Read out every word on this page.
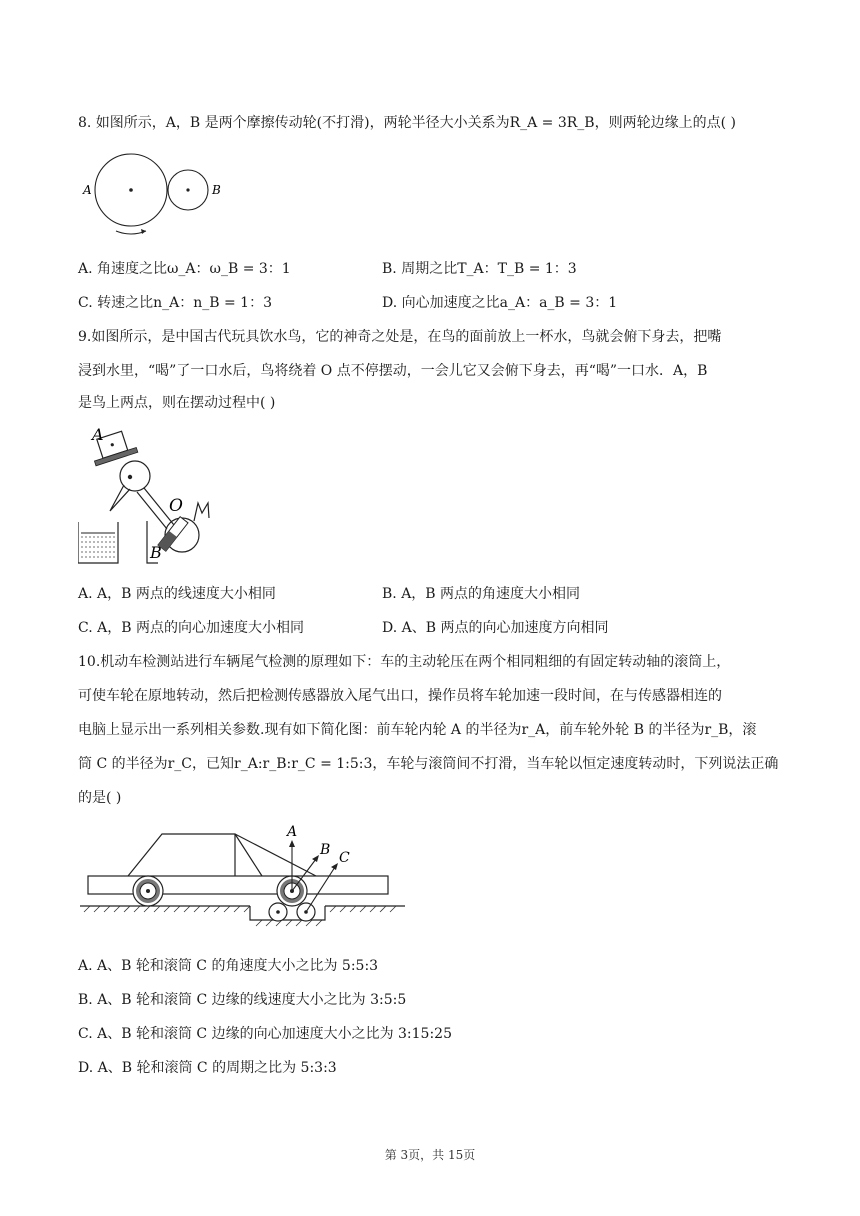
8. 如图所示，A，B 是两个摩擦传动轮(不打滑)，两轮半径大小关系为R_A = 3R_B，则两轮边缘上的点( )
A	B
A. 角速度之比ω_A：ω_B = 3：1	B. 周期之比T_A：T_B = 1：3
C. 转速之比n_A：n_B = 1：3	D. 向心加速度之比a_A：a_B = 3：1
9.如图所示，是中国古代玩具饮水鸟，它的神奇之处是，在鸟的面前放上一杯水，鸟就会俯下身去，把嘴
浸到水里，“喝”了一口水后，鸟将绕着 O 点不停摆动，一会儿它又会俯下身去，再“喝”一口水．A，B
是鸟上两点，则在摆动过程中( )
A
O
B
A. A，B 两点的线速度大小相同	B. A，B 两点的角速度大小相同
C. A，B 两点的向心加速度大小相同	D. A、B 两点的向心加速度方向相同
10.机动车检测站进行车辆尾气检测的原理如下：车的主动轮压在两个相同粗细的有固定转动轴的滚筒上，
可使车轮在原地转动，然后把检测传感器放入尾气出口，操作员将车轮加速一段时间，在与传感器相连的
电脑上显示出一系列相关参数.现有如下简化图：前车轮内轮 A 的半径为r_A，前车轮外轮 B 的半径为r_B，滚
筒 C 的半径为r_C，已知r_A:r_B:r_C = 1:5:3，车轮与滚筒间不打滑，当车轮以恒定速度转动时，下列说法正确
的是( )
A
B C
A. A、B 轮和滚筒 C 的角速度大小之比为 5:5:3
B. A、B 轮和滚筒 C 边缘的线速度大小之比为 3:5:5
C. A、B 轮和滚筒 C 边缘的向心加速度大小之比为 3:15:25
D. A、B 轮和滚筒 C 的周期之比为 5:3:3
第 3页，共 15页
